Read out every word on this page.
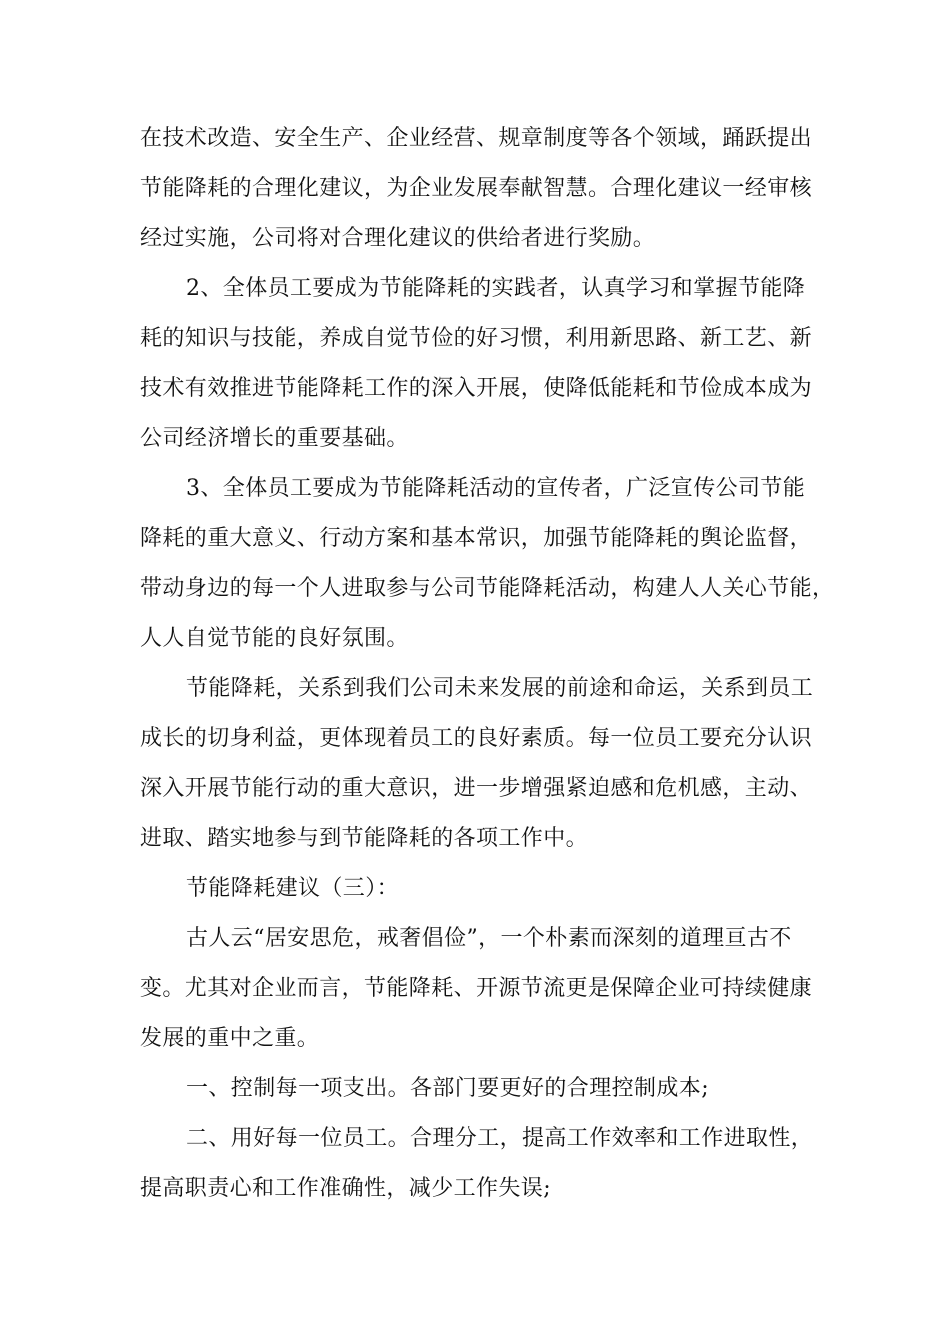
在技术改造、安全生产、企业经营、规章制度等各个领域，踊跃提出
节能降耗的合理化建议，为企业发展奉献智慧。合理化建议一经审核
经过实施，公司将对合理化建议的供给者进行奖励。
2、全体员工要成为节能降耗的实践者，认真学习和掌握节能降
耗的知识与技能，养成自觉节俭的好习惯，利用新思路、新工艺、新
技术有效推进节能降耗工作的深入开展，使降低能耗和节俭成本成为
公司经济增长的重要基础。
3、全体员工要成为节能降耗活动的宣传者，广泛宣传公司节能
降耗的重大意义、行动方案和基本常识，加强节能降耗的舆论监督，
带动身边的每一个人进取参与公司节能降耗活动，构建人人关心节能，
人人自觉节能的良好氛围。
节能降耗，关系到我们公司未来发展的前途和命运，关系到员工
成长的切身利益，更体现着员工的良好素质。每一位员工要充分认识
深入开展节能行动的重大意识，进一步增强紧迫感和危机感，主动、
进取、踏实地参与到节能降耗的各项工作中。
节能降耗建议（三）：
古人云“居安思危，戒奢倡俭”，一个朴素而深刻的道理亘古不
变。尤其对企业而言，节能降耗、开源节流更是保障企业可持续健康
发展的重中之重。
一、控制每一项支出。各部门要更好的合理控制成本;
二、用好每一位员工。合理分工，提高工作效率和工作进取性，
提高职责心和工作准确性，减少工作失误;
